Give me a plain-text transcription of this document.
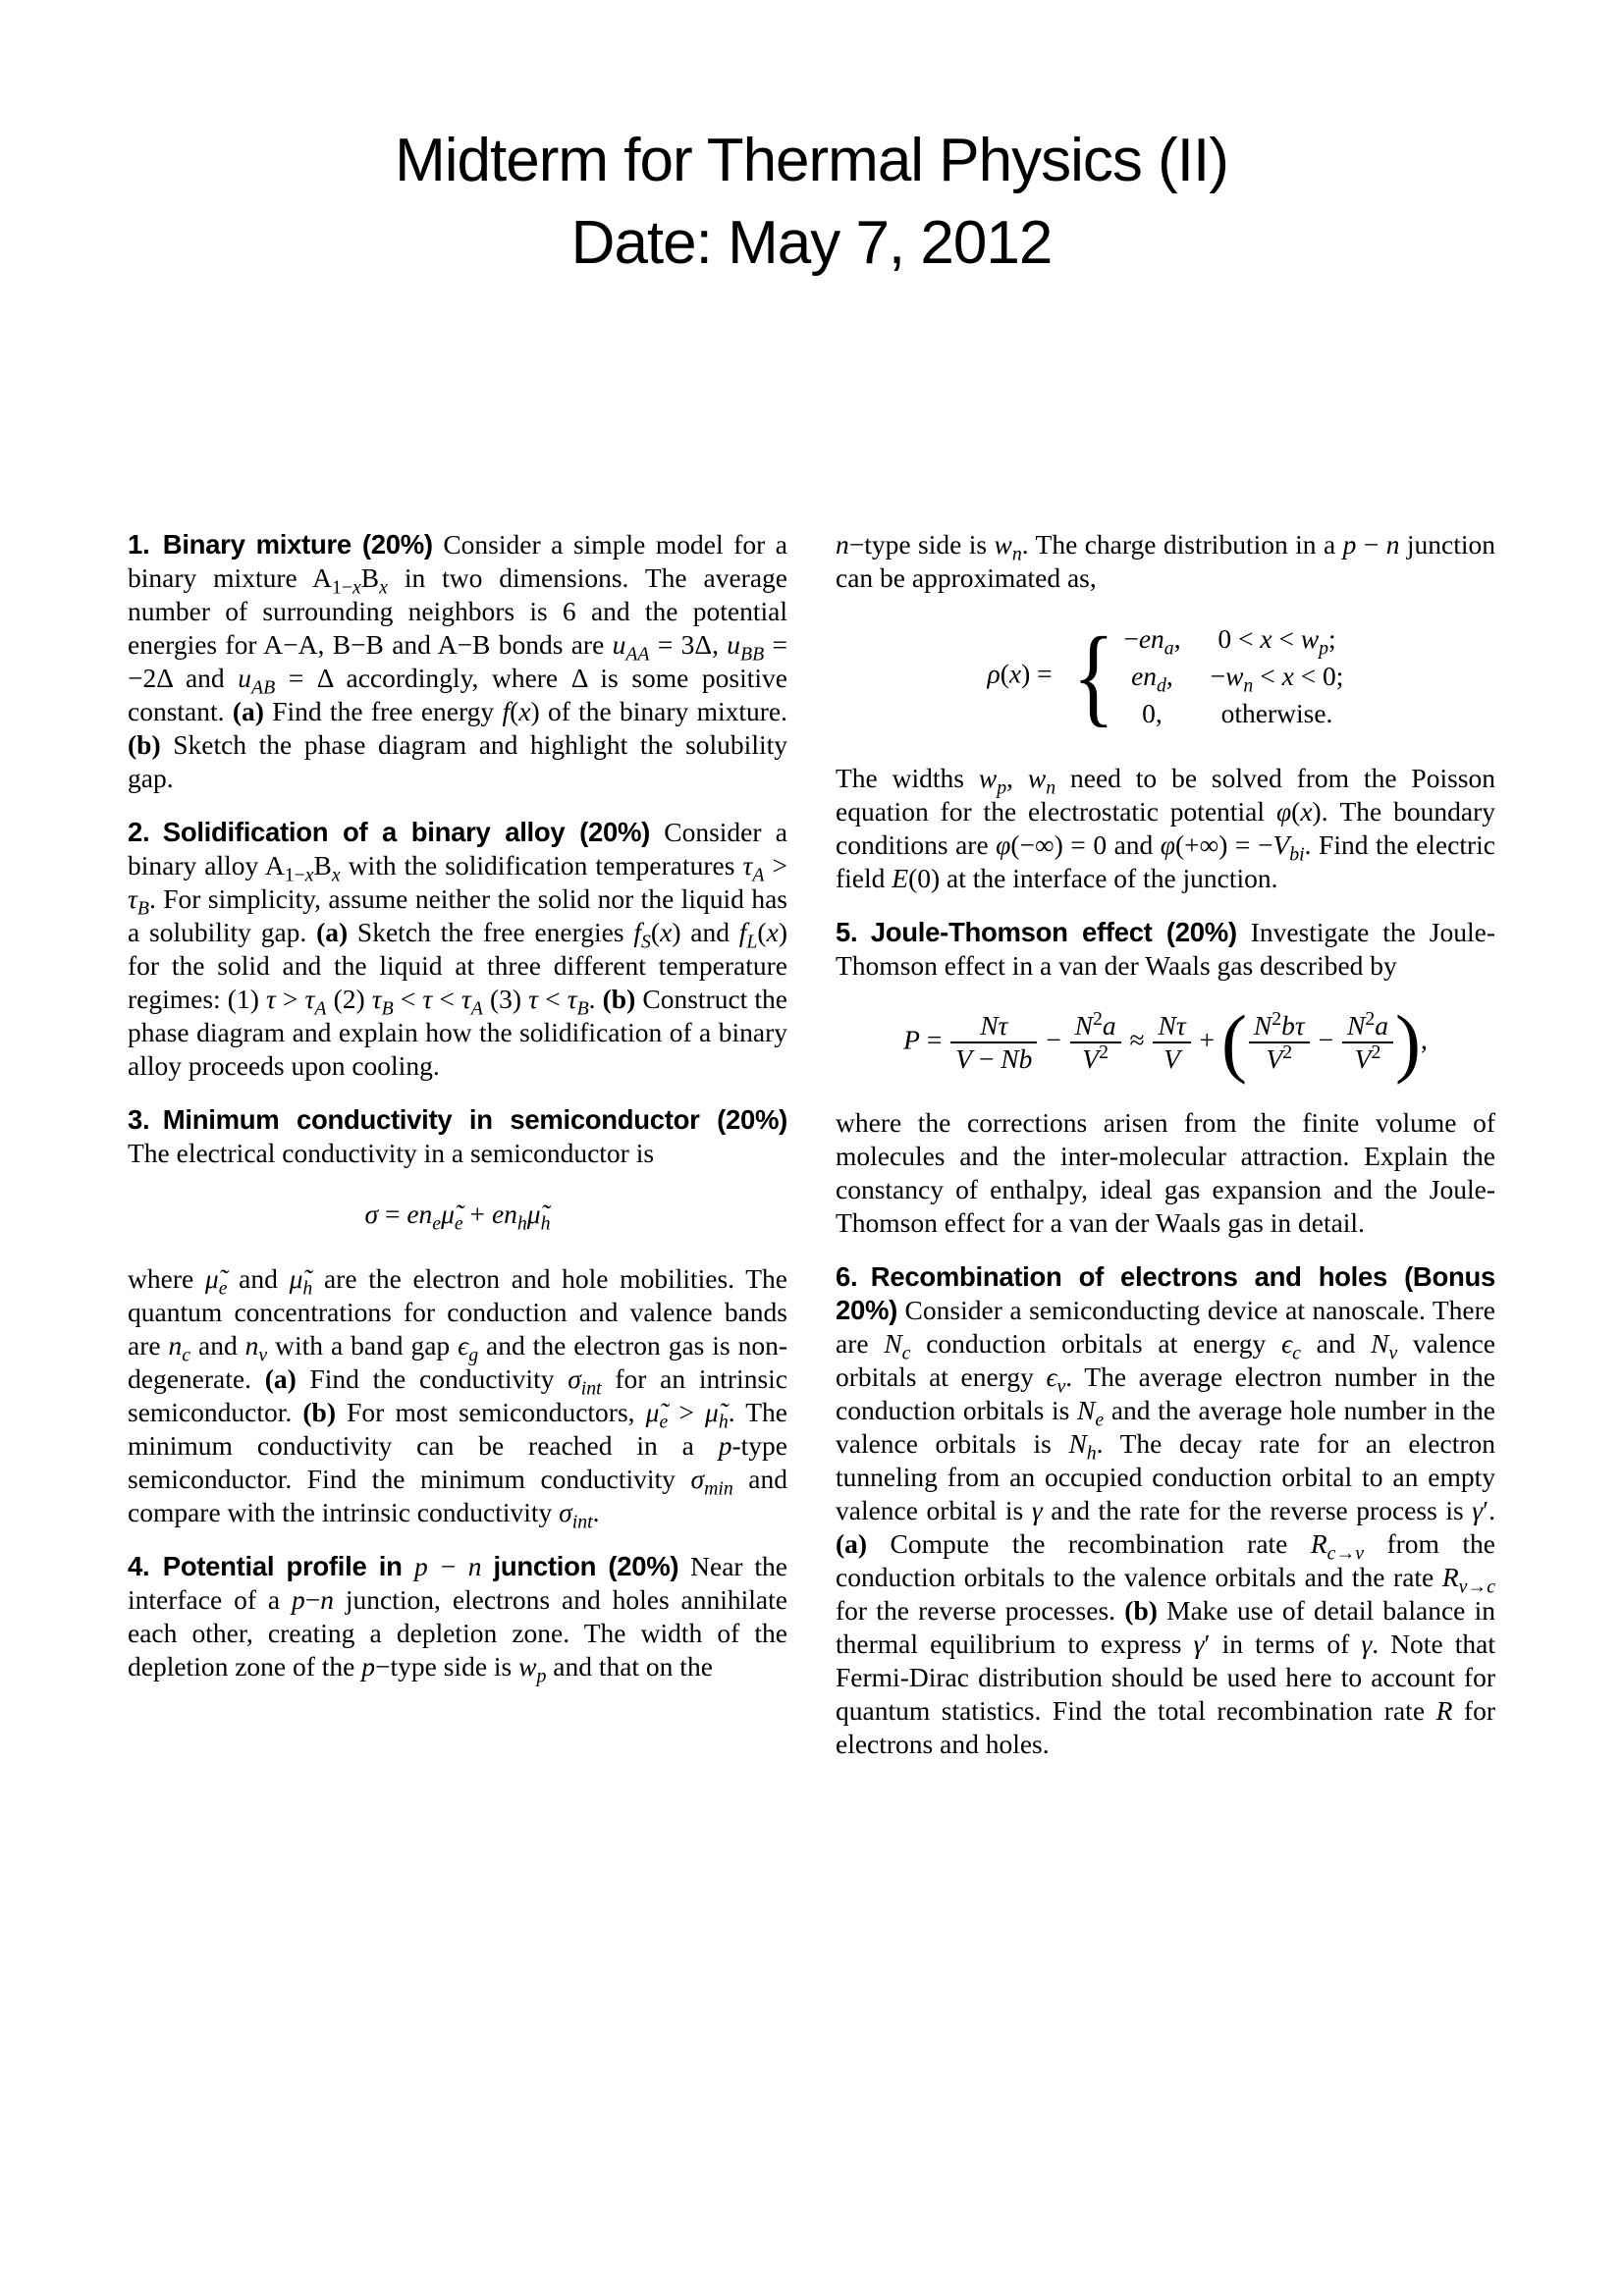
Midterm for Thermal Physics (II)
Date: May 7, 2012
1. Binary mixture (20%) Consider a simple model for a binary mixture $A_{1-x}B_x$ in two dimensions. The average number of surrounding neighbors is 6 and the potential energies for A−A, B−B and A−B bonds are $u_{AA} = 3\Delta$, $u_{BB} = -2\Delta$ and $u_{AB} = \Delta$ accordingly, where Δ is some positive constant. (a) Find the free energy f(x) of the binary mixture. (b) Sketch the phase diagram and highlight the solubility gap.
2. Solidification of a binary alloy (20%) Consider a binary alloy $A_{1-x}B_x$ with the solidification temperatures $\tau_A > \tau_B$. For simplicity, assume neither the solid nor the liquid has a solubility gap. (a) Sketch the free energies $f_S(x)$ and $f_L(x)$ for the solid and the liquid at three different temperature regimes: (1) $\tau > \tau_A$ (2) $\tau_B < \tau < \tau_A$ (3) $\tau < \tau_B$. (b) Construct the phase diagram and explain how the solidification of a binary alloy proceeds upon cooling.
3. Minimum conductivity in semiconductor (20%) The electrical conductivity in a semiconductor is
$\sigma = en_e\mũ_e$ + $en_h\mũ_h$
where $\mũ_e$ and $\mũ_h$ are the electron and hole mobilities. The quantum concentrations for conduction and valence bands are $n_c$ and $n_v$ with a band gap $\epsilon_g$ and the electron gas is non-degenerate. (a) Find the conductivity $\sigma_{int}$ for an intrinsic semiconductor. (b) For most semiconductors, $\mũ_e$ > $\mũ_h$. The minimum conductivity can be reached in a p-type semiconductor. Find the minimum conductivity $\sigma_{min}$ and compare with the intrinsic conductivity $\sigma_{int}$.
4. Potential profile in p − n junction (20%) Near the interface of a p−n junction, electrons and holes annihilate each other, creating a depletion zone. The width of the depletion zone of the p−type side is $w_p$ and that on the
n−type side is $w_n$. The charge distribution in a p − n junction can be approximated as,
ρ(x) = { $-en_a$, $0 < x < w_p$;
$en_d$, $-w_n < x < 0$;
0,	otherwise.
The widths $w_p$, $w_n$ need to be solved from the Poisson equation for the electrostatic potential φ(x). The boundary conditions are φ(−∞) = 0 and $\varphi(+\infty) = -V_{bi}$. Find the electric field E(0) at the interface of the junction.
5. Joule-Thomson effect (20%) Investigate the Joule-Thomson effect in a van der Waals gas described by
$P = \frac{N\tau}{V - Nb} - \frac{N^2a}{V^2} \approx \frac{N\tau}{V}$ + ( $\frac{N^2b\tau}{V^2} - \frac{N^2a}{V^2}$ ),
where the corrections arisen from the finite volume of molecules and the inter-molecular attraction. Explain the constancy of enthalpy, ideal gas expansion and the Joule-Thomson effect for a van der Waals gas in detail.
6. Recombination of electrons and holes (Bonus 20%) Consider a semiconducting device at nanoscale. There are $N_c$ conduction orbitals at energy $\epsilon_c$ and $N_v$ valence orbitals at energy $\epsilon_v$. The average electron number in the conduction orbitals is $N_e$ and the average hole number in the valence orbitals is $N_h$. The decay rate for an electron tunneling from an occupied conduction orbital to an empty valence orbital is γ and the rate for the reverse process is γ′. (a) Compute the recombination rate $R_{c\to v}$ from the conduction orbitals to the valence orbitals and the rate $R_{v\to c}$ for the reverse processes. (b) Make use of detail balance in thermal equilibrium to express γ′ in terms of γ. Note that Fermi-Dirac distribution should be used here to account for quantum statistics. Find the total recombination rate R for electrons and holes.
